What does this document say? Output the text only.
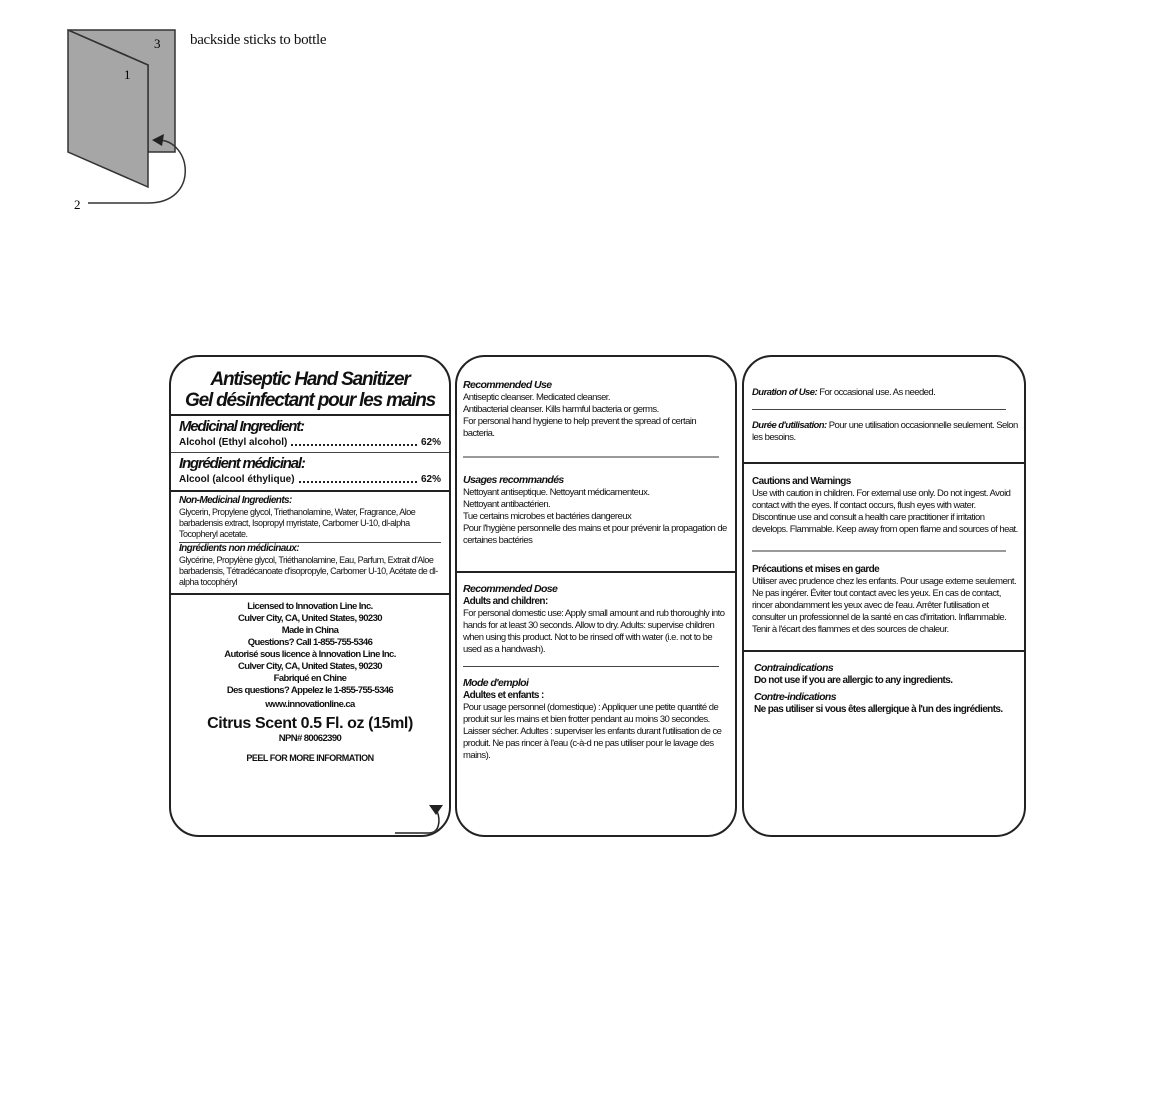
3
1
2
backside sticks to bottle
Antiseptic Hand Sanitizer
Gel désinfectant pour les mains
Medicinal Ingredient:
Alcohol (Ethyl alcohol)	62%
Ingrédient médicinal:
Alcool (alcool éthylique)	62%
Non-Medicinal Ingredients:
Glycerin, Propylene glycol, Triethanolamine, Water, Fragrance, Aloe barbadensis extract, Isopropyl myristate, Carbomer U-10, dl-alpha Tocopheryl acetate.
Ingrédients non médicinaux:
Glycérine, Propylène glycol, Triéthanolamine, Eau, Parfum, Extrait d'Aloe barbadensis, Tétradécanoate d'isopropyle, Carbomer U-10, Acétate de dl-alpha tocophéryl
Licensed to Innovation Line Inc.
Culver City, CA, United States, 90230
Made in China
Questions? Call 1-855-755-5346
Autorisé sous licence à Innovation Line Inc.
Culver City, CA, United States, 90230
Fabriqué en Chine
Des questions? Appelez le 1-855-755-5346
www.innovationline.ca
Citrus Scent 0.5 Fl. oz (15ml)
NPN# 80062390
PEEL FOR MORE INFORMATION
Recommended Use
Antiseptic cleanser. Medicated cleanser.
Antibacterial cleanser. Kills harmful bacteria or germs.
For personal hand hygiene to help prevent the spread of certain bacteria.
Usages recommandés
Nettoyant antiseptique. Nettoyant médicamenteux.
Nettoyant antibactérien.
Tue certains microbes et bactéries dangereux
Pour l'hygiène personnelle des mains et pour prévenir la propagation de certaines bactéries
Recommended Dose
Adults and children:
For personal domestic use: Apply small amount and rub thoroughly into hands for at least 30 seconds. Allow to dry. Adults: supervise children when using this product. Not to be rinsed off with water (i.e. not to be used as a handwash).
Mode d'emploi
Adultes et enfants :
Pour usage personnel (domestique) : Appliquer une petite quantité de produit sur les mains et bien frotter pendant au moins 30 secondes. Laisser sécher. Adultes : superviser les enfants durant l'utilisation de ce produit. Ne pas rincer à l'eau (c-à-d ne pas utiliser pour le lavage des mains).
Duration of Use: For occasional use. As needed.
Durée d'utilisation: Pour une utilisation occasionnelle seulement. Selon les besoins.
Cautions and Warnings
Use with caution in children. For external use only. Do not ingest. Avoid contact with the eyes. If contact occurs, flush eyes with water. Discontinue use and consult a health care practitioner if irritation develops. Flammable. Keep away from open flame and sources of heat.
Précautions et mises en garde
Utiliser avec prudence chez les enfants. Pour usage externe seulement. Ne pas ingérer. Éviter tout contact avec les yeux. En cas de contact, rincer abondamment les yeux avec de l'eau. Arrêter l'utilisation et consulter un professionnel de la santé en cas d'irritation. Inflammable. Tenir à l'écart des flammes et des sources de chaleur.
Contraindications
Do not use if you are allergic to any ingredients.
Contre-indications
Ne pas utiliser si vous êtes allergique à l'un des ingrédients.
